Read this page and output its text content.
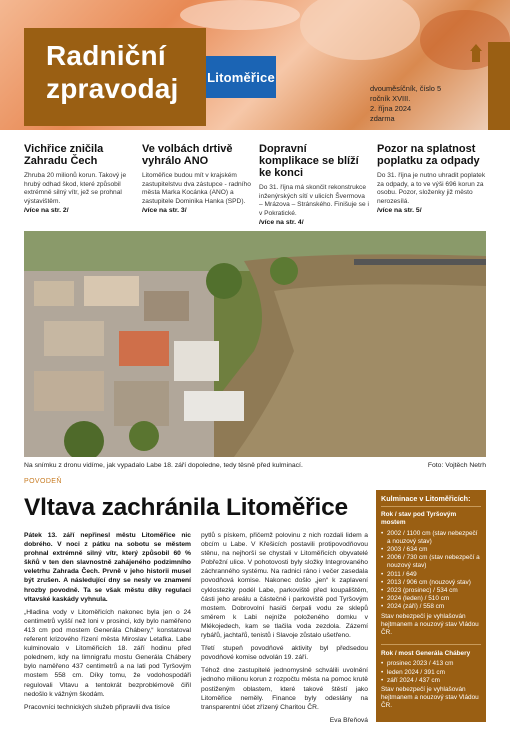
Radniční
zpravodaj Litoměřice
dvouměsíčník, číslo 5
ročník XVIII.
2. října 2024
zdarma
Vichřice zničila Zahradu Čech

Zhruba 20 milionů korun. Takový je hrubý odhad škod, které způsobil extrémně silný vítr, jež se prohnal výstavištěm.

/více na str. 2/
Ve volbách drtivě vyhrálo ANO

Litoměřice budou mít v krajském zastupitelstvu dva zástupce - radního města Marka Kocánka (ANO) a zastupitele Dominika Hanka (SPD).

/více na str. 3/
Dopravní komplikace se blíží ke konci

Do 31. října má skončit rekonstrukce inženýrských sítí v ulicích Švermova – Mrázova – Stránského. Finišuje se i v Pokratické.

/více na str. 4/
Pozor na splatnost poplatku za odpady

Do 31. října je nutno uhradit poplatek za odpady, a to ve výši 696 korun za osobu. Pozor, složenky již město nerozesílá.

/více na str. 5/
Na snímku z dronu vidíme, jak vypadalo Labe 18. září dopoledne, tedy těsně před kulminací.	Foto: Vojtěch Netrh
POVODEŇ
Vltava zachránila Litoměřice

Pátek 13. září nepřinesl městu Litoměřice nic dobrého. V noci z pátku na sobotu se městem prohnal extrémně silný vítr, který způsobil 60 % škňů v ten den slavnostně zahájeného podzimního veletrhu Zahrada Čech. Prvně v jeho historii musel být zrušen. A následující dny se nesly ve znamení hrozby povodně. Ta se však městu díky regulaci vltavské kaskády vyhnula.

„Hladina vody v Litoměřicích nakonec byla jen o 24 centimetrů vyšší než loni v prosinci, kdy bylo naměřeno 413 cm pod mostem Generála Chábery,“ konstatoval referent krizového řízení města Miroslav Letafka. Labe kulminovalo v Litoměřicích 18. září hodinu před polednem, kdy na limnigrafu mostu Generála Chábery bylo naměřeno 437 centimetrů a na lati pod Tyršovým mostem 558 cm. Díky tomu, že vodohospodáři regulovali Vltavu a tentokrát bezproblémově čiřil nedošlo k vážným škodám.

Pracovníci technických služeb připravili dva tisíce

pytlů s pískem, přičemž polovinu z nich rozdali lidem a obcím u Labe. V Křešicích postavili protipovodňovou stěnu, na nejhorší se chystali v Litoměřicích obyvatelé Pobřežní ulice. V pohotovosti byly složky Integrovaného záchranného systému. Na radnici ráno i večer zasedala povodňová komise. Nakonec došlo „jen“ k zaplavení cyklostezky podél Labe, parkoviště před koupalištěm, části jeho areálu a částečně i parkoviště pod Tyršovým mostem. Dobrovolní hasiči čerpali vodu ze sklepů směrem k Labi nejníže položeného domku v Mlékojedech, kam se tlačila voda zezdola. Zázemí rybářů, jachtařů, tenistů i Slavoje zůstalo ušetřeno.

Třetí stupeň povodňové aktivity byl předsedou povodňové komise odvolán 19. září.

Téhož dne zastupitelé jednomyslně schválili uvolnění jednoho milionu korun z rozpočtu města na pomoc krutě postiženým oblastem, které takové štěstí jako Litoměřice neměly. Finance byly odeslány na transparentní účet zřízený Charitou ČR.

Eva Břeňová

Kulminace v Litoměřicích:
Rok / stav pod Tyršovým mostem
• 2002 / 1100 cm (stav nebezpečí a nouzový stav)
• 2003 / 634 cm
• 2006 / 730 cm (stav nebezpečí a nouzový stav)
• 2011 / 649
• 2013 / 906 cm (nouzový stav)
• 2023 (prosinec) / 534 cm
• 2024 (leden) / 510 cm
• 2024 (září) / 558 cm
Stav nebezpečí je vyhlašován hejtmanem a nouzový stav Vládou ČR.
Rok / most Generála Chábery
• prosinec 2023 / 413 cm
• leden 2024 / 391 cm
• září 2024 / 437 cm
Stav nebezpečí je vyhlašován hejtmanem a nouzový stav Vládou ČR.
